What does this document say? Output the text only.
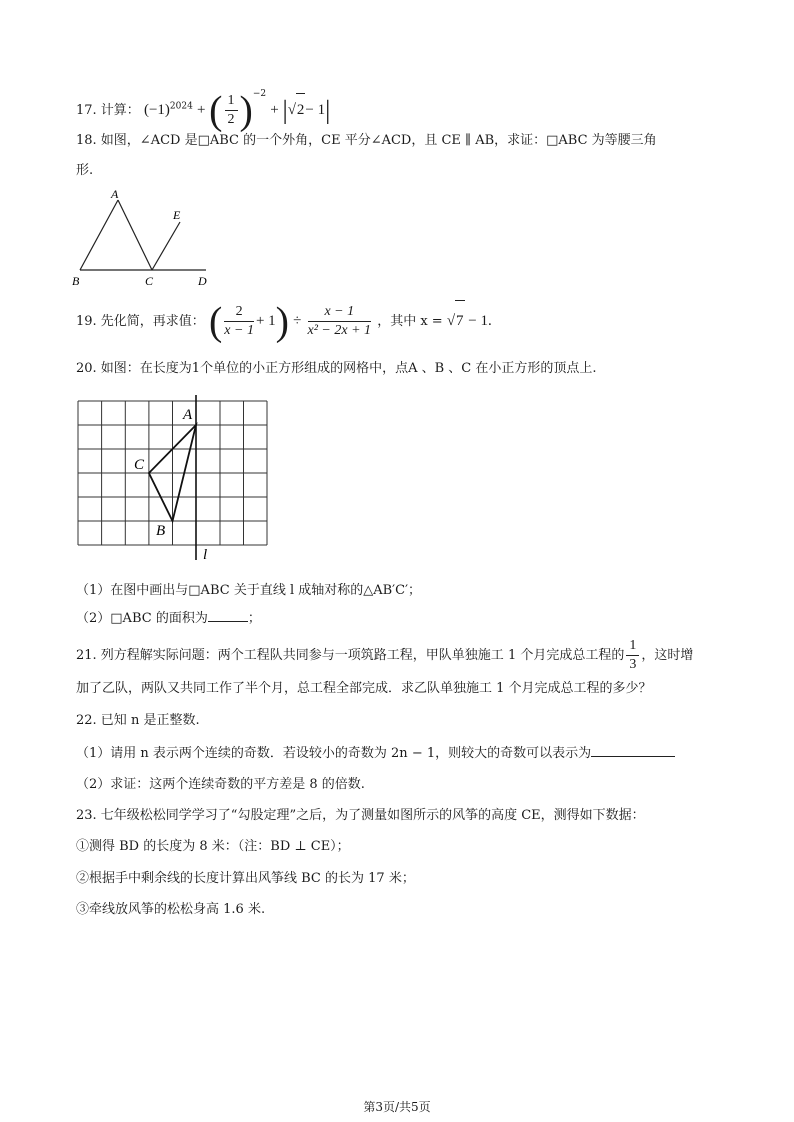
17. 计算： $(-1)^{2024}$ + ( $\frac{1}{2} )^{-2} + |√2- 1|$
18. 如图，∠ACD 是□ABC 的一个外角，CE 平分∠ACD，且 CE ∥ AB，求证：□ABC 为等腰三角
形.
A
E
B	C	D
19. 先化简，再求值： ( $\frac{2}{x - 1} + 1) \div \frac{x - 1}{\text{x² − 2x + 1}}$ ，其中 x = √7 − 1.
20. 如图：在长度为1个单位的小正方形组成的网格中，点A 、B 、C 在小正方形的顶点上.
A
C
B
l
（1）在图中画出与□ABC 关于直线 l 成轴对称的△AB′C′；
（2）□ABC 的面积为	；
21. 列方程解实际问题：两个工程队共同参与一项筑路工程，甲队单独施工 1 个月完成总工程的 $\frac{1}{3}$ ，这时增
加了乙队，两队又共同工作了半个月，总工程全部完成．求乙队单独施工 1 个月完成总工程的多少？
22. 已知 n 是正整数.
（1）请用 n 表示两个连续的奇数．若设较小的奇数为 2n − 1，则较大的奇数可以表示为
（2）求证：这两个连续奇数的平方差是 8 的倍数.
23. 七年级松松同学学习了“勾股定理”之后，为了测量如图所示的风筝的高度 CE，测得如下数据：
①测得 BD 的长度为 8 米：（注：BD ⊥ CE）；
②根据手中剩余线的长度计算出风筝线 BC 的长为 17 米；
③牵线放风筝的松松身高 1.6 米.
第3页/共5页
